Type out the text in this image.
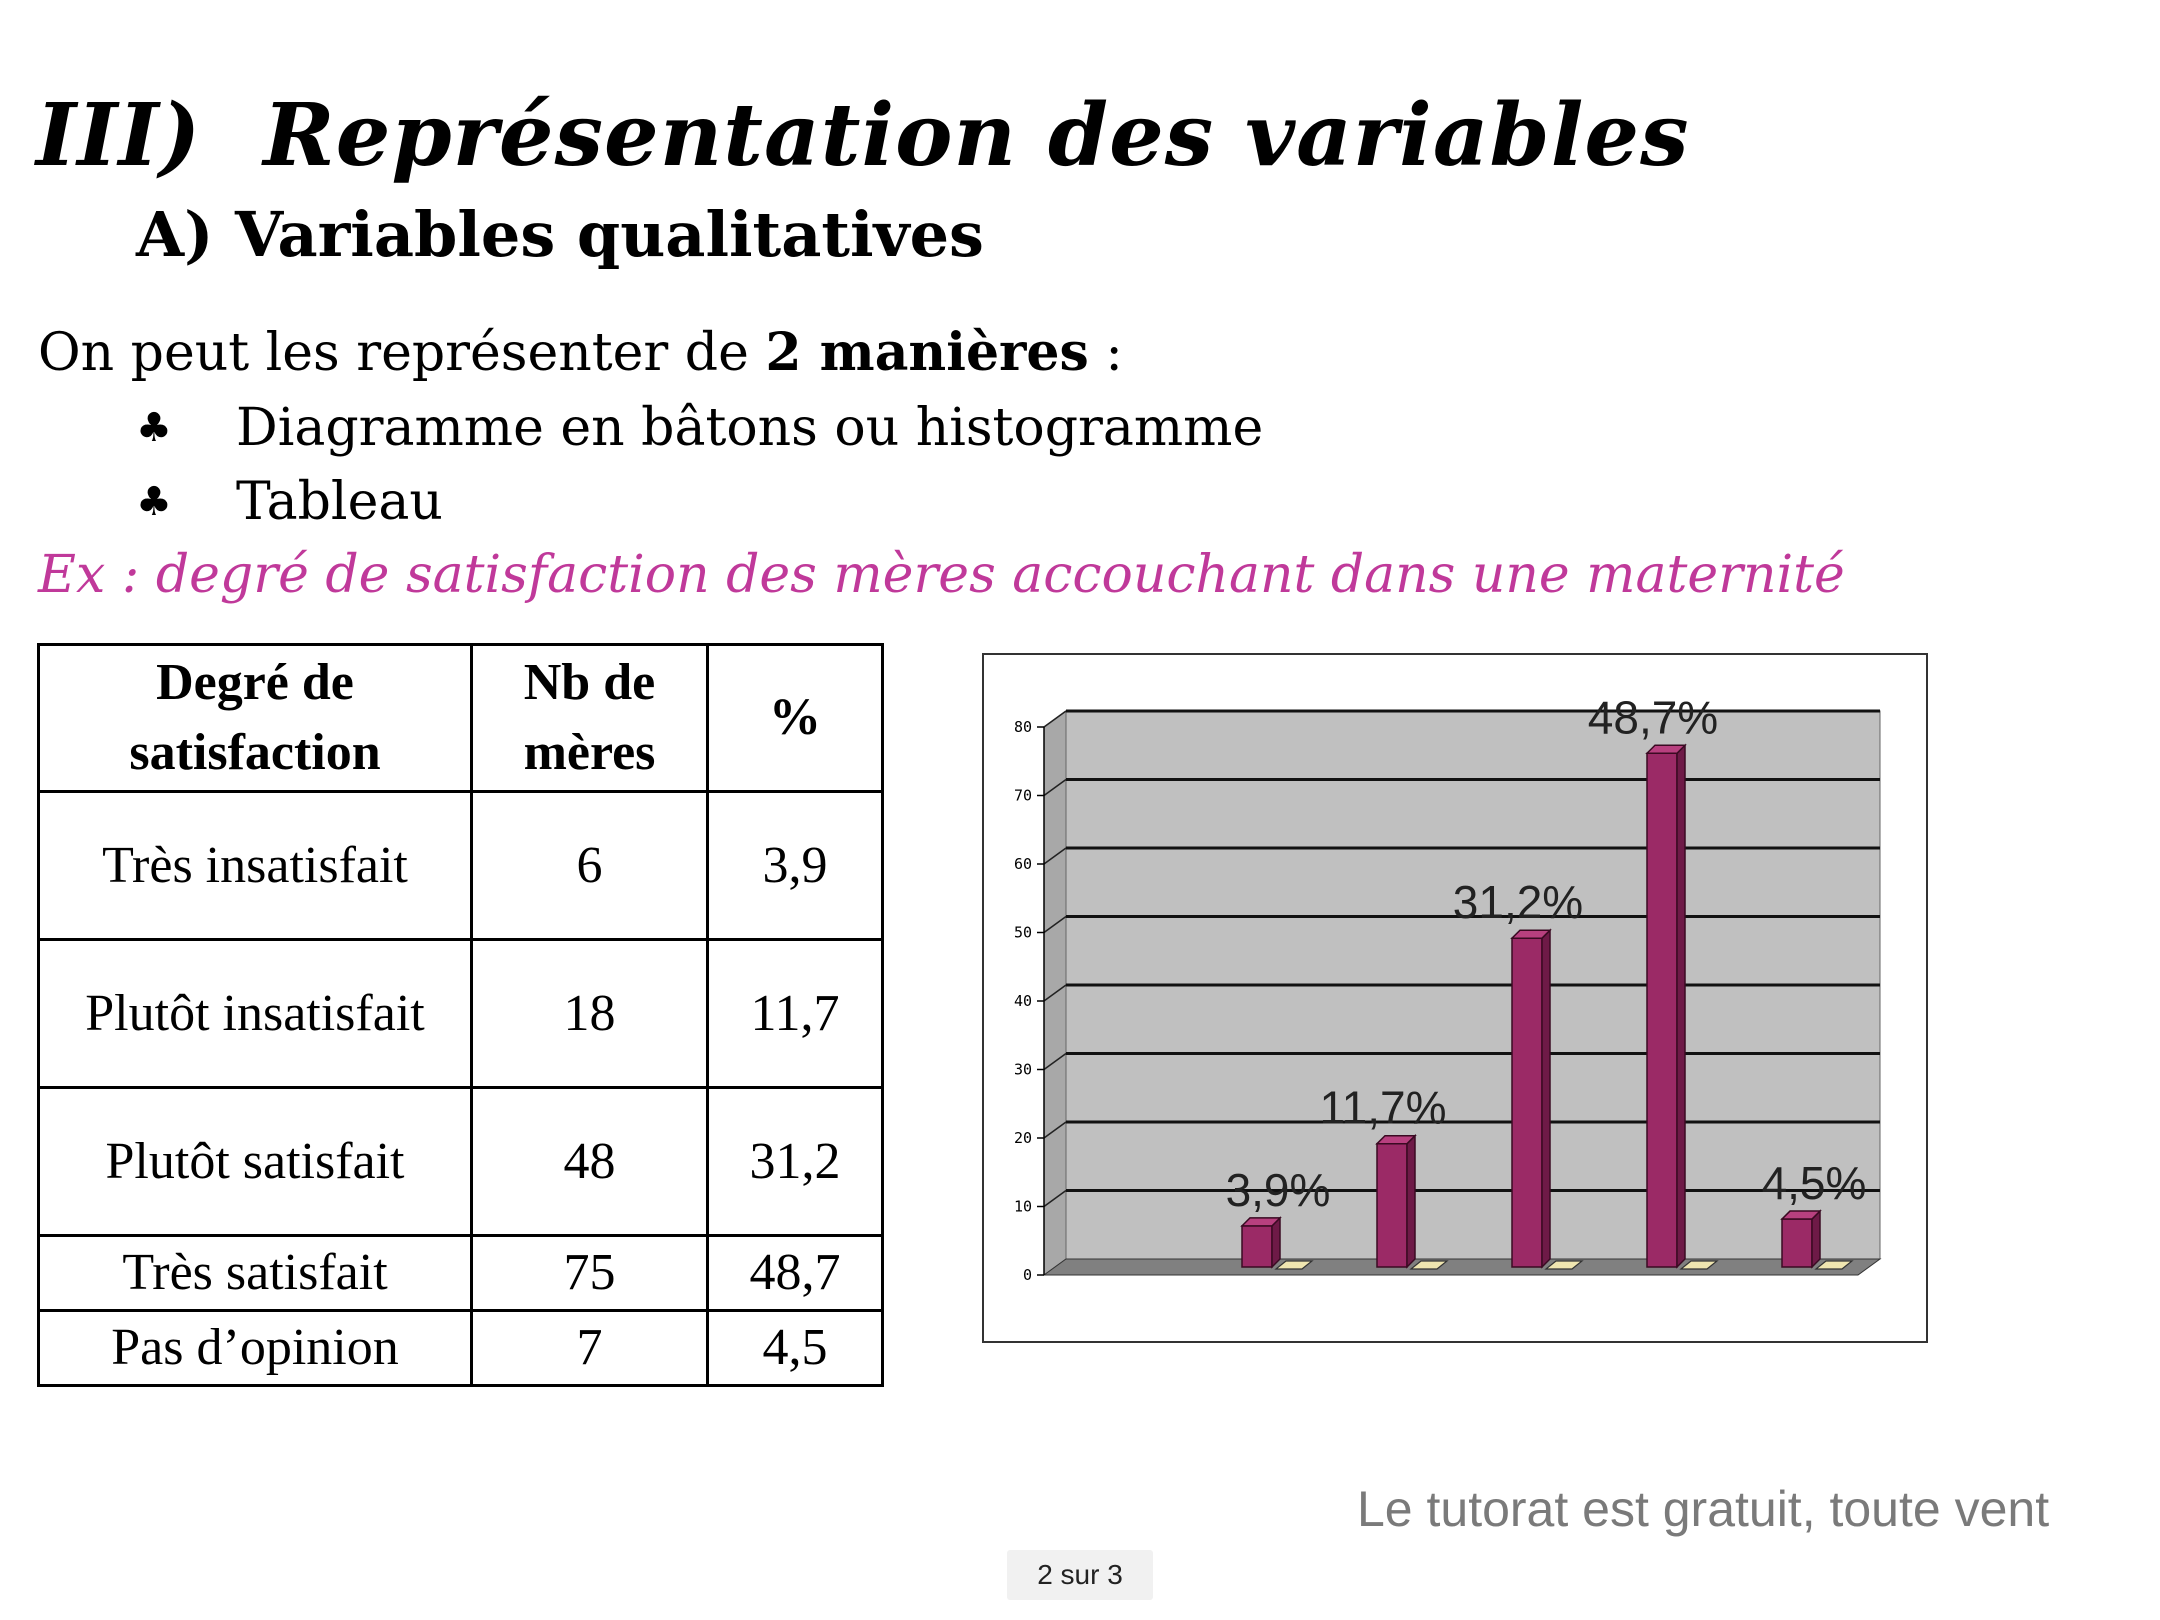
III) Représentation des variables
A) Variables qualitatives
On peut les représenter de 2 manières :
♣ Diagramme en bâtons ou histogramme
♣ Tableau
Ex : degré de satisfaction des mères accouchant dans une maternité
Degré de satisfaction	Nb de mères	%
Très insatisfait	6	3,9
Plutôt insatisfait	18	11,7
Plutôt satisfait	48	31,2
Très satisfait	75	48,7
Pas d’opinion	7	4,5
0
10
20
30
40
50
60
70
80
3,9%
11,7%
31,2%
48,7%
4,5%
Le tutorat est gratuit, toute vent
2 sur 3
